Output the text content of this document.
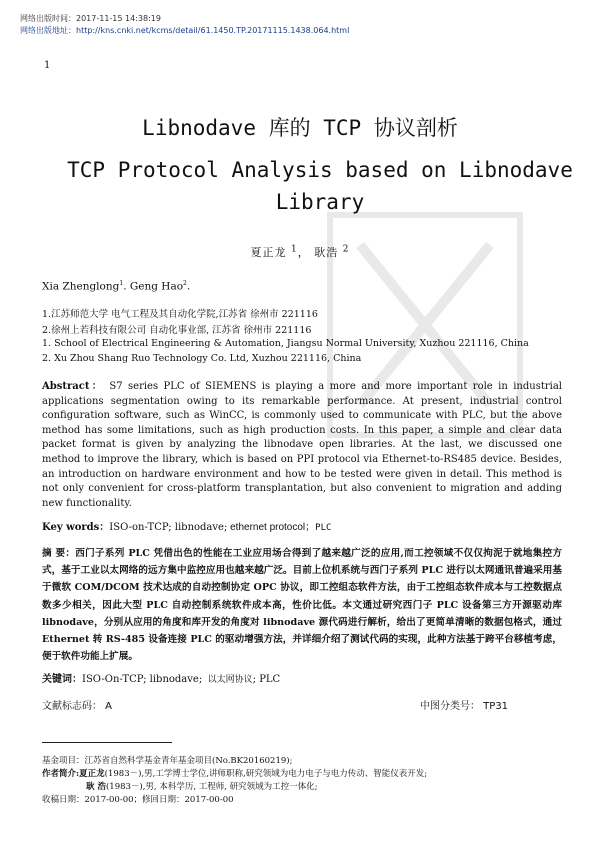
网络出版时间：2017-11-15 14:38:19
网络出版地址：http://kns.cnki.net/kcms/detail/61.1450.TP.20171115.1438.064.html
1
Libnodave 库的 TCP 协议剖析
TCP Protocol Analysis based on Libnodave Library
夏正龙 $^1$， 耿浩 $^2$
Xia Zhenglong$^1$. Geng Hao$^2$.
1.江苏师范大学 电气工程及其自动化学院,江苏省 徐州市 221116
2.徐州上若科技有限公司 自动化事业部, 江苏省 徐州市 221116
1. School of Electrical Engineering & Automation, Jiangsu Normal University, Xuzhou 221116, China
2. Xu Zhou Shang Ruo Technology Co. Ltd, Xuzhou 221116, China
Abstract： S7 series PLC of SIEMENS is playing a more and more important role in industrial applications segmentation owing to its remarkable performance. At present, industrial control configuration software, such as WinCC, is commonly used to communicate with PLC, but the above method has some limitations, such as high production costs. In this paper, a simple and clear data packet format is given by analyzing the libnodave open libraries. At the last, we discussed one method to improve the library, which is based on PPI protocol via Ethernet-to-RS485 device. Besides, an introduction on hardware environment and how to be tested were given in detail. This method is not only convenient for cross-platform transplantation, but also convenient to migration and adding new functionality.
Key words：ISO-on-TCP; libnodave; ethernet protocol；PLC
摘 要：西门子系列 PLC 凭借出色的性能在工业应用场合得到了越来越广泛的应用,而工控领域不仅仅拘泥于就地集控方式，基于工业以太网络的远方集中监控应用也越来越广泛。目前上位机系统与西门子系列 PLC 进行以太网通讯普遍采用基于微软 COM/DCOM 技术达成的自动控制协定 OPC 协议，即工控组态软件方法，由于工控组态软件成本与工控数据点数多少相关，因此大型 PLC 自动控制系统软件成本高，性价比低。本文通过研究西门子 PLC 设备第三方开源驱动库 libnodave，分别从应用的角度和库开发的角度对 libnodave 源代码进行解析，给出了更简单清晰的数据包格式，通过 Ethernet 转 RS-485 设备连接 PLC 的驱动增强方法，并详细介绍了测试代码的实现，此种方法基于跨平台移植考虑，便于软件功能上扩展。
关键词：ISO-On-TCP; libnodave; 以太网协议; PLC
文献标志码： A	中图分类号： TP31
基金项目：江苏省自然科学基金青年基金项目(No.BK20160219);
作者简介:夏正龙(1983－),男,工学博士学位,讲师职称,研究领域为电力电子与电力传动、智能仪表开发;
耿 浩(1983－),男, 本科学历, 工程师, 研究领域为工控一体化;
收稿日期：2017-00-00；修回日期：2017-00-00
